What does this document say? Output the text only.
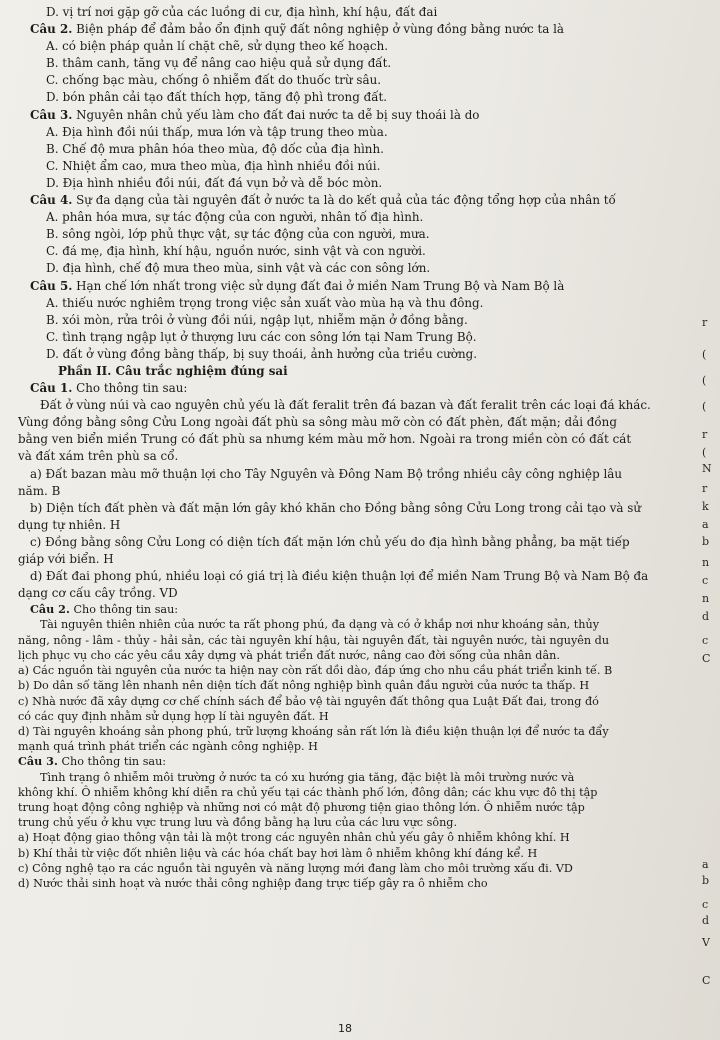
D. vị trí nơi gặp gỡ của các luồng di cư, địa hình, khí hậu, đất đai
Câu 2. Biện pháp để đảm bảo ổn định quỹ đất nông nghiệp ở vùng đồng bằng nước ta là
A. có biện pháp quản lí chặt chẽ, sử dụng theo kế hoạch.
B. thâm canh, tăng vụ để nâng cao hiệu quả sử dụng đất.
C. chống bạc màu, chống ô nhiễm đất do thuốc trừ sâu.
D. bón phân cải tạo đất thích hợp, tăng độ phì trong đất.
Câu 3. Nguyên nhân chủ yếu làm cho đất đai nước ta dễ bị suy thoái là do
A. Địa hình đồi núi thấp, mưa lớn và tập trung theo mùa.
B. Chế độ mưa phân hóa theo mùa, độ dốc của địa hình.
C. Nhiệt ẩm cao, mưa theo mùa, địa hình nhiều đồi núi.
D. Địa hình nhiều đồi núi, đất đá vụn bở và dễ bóc mòn.
Câu 4. Sự đa dạng của tài nguyên đất ở nước ta là do kết quả của tác động tổng hợp của nhân tố
A. phân hóa mưa, sự tác động của con người, nhân tố địa hình.
B. sông ngòi, lớp phủ thực vật, sự tác động của con người, mưa.
C. đá mẹ, địa hình, khí hậu, nguồn nước, sinh vật và con người.
D. địa hình, chế độ mưa theo mùa, sinh vật và các con sông lớn.
Câu 5. Hạn chế lớn nhất trong việc sử dụng đất đai ở miền Nam Trung Bộ và Nam Bộ là
A. thiếu nước nghiêm trọng trong việc sản xuất vào mùa hạ và thu đông.
B. xói mòn, rửa trôi ở vùng đồi núi, ngập lụt, nhiễm mặn ở đồng bằng.
C. tình trạng ngập lụt ở thượng lưu các con sông lớn tại Nam Trung Bộ.
D. đất ở vùng đồng bằng thấp, bị suy thoái, ảnh hưởng của triều cường.
Phần II. Câu trắc nghiệm đúng sai
Câu 1. Cho thông tin sau:
Đất ở vùng núi và cao nguyên chủ yếu là đất feralit trên đá bazan và đất feralit trên các loại đá khác.
Vùng đồng bằng sông Cửu Long ngoài đất phù sa sông màu mỡ còn có đất phèn, đất mặn; dải đồng
bằng ven biển miền Trung có đất phù sa nhưng kém màu mỡ hơn. Ngoài ra trong miền còn có đất cát
và đất xám trên phù sa cổ.
a) Đất bazan màu mỡ thuận lợi cho Tây Nguyên và Đông Nam Bộ trồng nhiều cây công nghiệp lâu
năm. B
b) Diện tích đất phèn và đất mặn lớn gây khó khăn cho Đồng bằng sông Cửu Long trong cải tạo và sử
dụng tự nhiên. H
c) Đồng bằng sông Cửu Long có diện tích đất mặn lớn chủ yếu do địa hình bằng phẳng, ba mặt tiếp
giáp với biển. H
d) Đất đai phong phú, nhiều loại có giá trị là điều kiện thuận lợi để miền Nam Trung Bộ và Nam Bộ đa
dạng cơ cấu cây trồng. VD
Câu 2. Cho thông tin sau:
Tài nguyên thiên nhiên của nước ta rất phong phú, đa dạng và có ở khắp nơi như khoáng sản, thủy
năng, nông - lâm - thủy - hải sản, các tài nguyên khí hậu, tài nguyên đất, tài nguyên nước, tài nguyên du
lịch phục vụ cho các yêu cầu xây dựng và phát triển đất nước, nâng cao đời sống của nhân dân.
a) Các nguồn tài nguyên của nước ta hiện nay còn rất dồi dào, đáp ứng cho nhu cầu phát triển kinh tế. B
b) Do dân số tăng lên nhanh nên diện tích đất nông nghiệp bình quân đầu người của nước ta thấp. H
c) Nhà nước đã xây dựng cơ chế chính sách để bảo vệ tài nguyên đất thông qua Luật Đất đai, trong đó
có các quy định nhằm sử dụng hợp lí tài nguyên đất. H
d) Tài nguyên khoáng sản phong phú, trữ lượng khoáng sản rất lớn là điều kiện thuận lợi để nước ta đẩy
mạnh quá trình phát triển các ngành công nghiệp. H
Câu 3. Cho thông tin sau:
Tình trạng ô nhiễm môi trường ở nước ta có xu hướng gia tăng, đặc biệt là môi trường nước và
không khí. Ô nhiễm không khí diễn ra chủ yếu tại các thành phố lớn, đông dân; các khu vực đô thị tập
trung hoạt động công nghiệp và những nơi có mật độ phương tiện giao thông lớn. Ô nhiễm nước tập
trung chủ yếu ở khu vực trung lưu và đồng bằng hạ lưu của các lưu vực sông.
a) Hoạt động giao thông vận tải là một trong các nguyên nhân chủ yếu gây ô nhiễm không khí. H
b) Khí thải từ việc đốt nhiên liệu và các hóa chất bay hơi làm ô nhiễm không khí đáng kể. H
c) Công nghệ tạo ra các nguồn tài nguyên và năng lượng mới đang làm cho môi trường xấu đi. VD
d) Nước thải sinh hoạt và nước thải công nghiệp đang trực tiếp gây ra ô nhiễm cho
r
(
(
(
r
(
N
r
k
a
b
n
c
n
d
c
C
a
b
c
d
V
C
18
